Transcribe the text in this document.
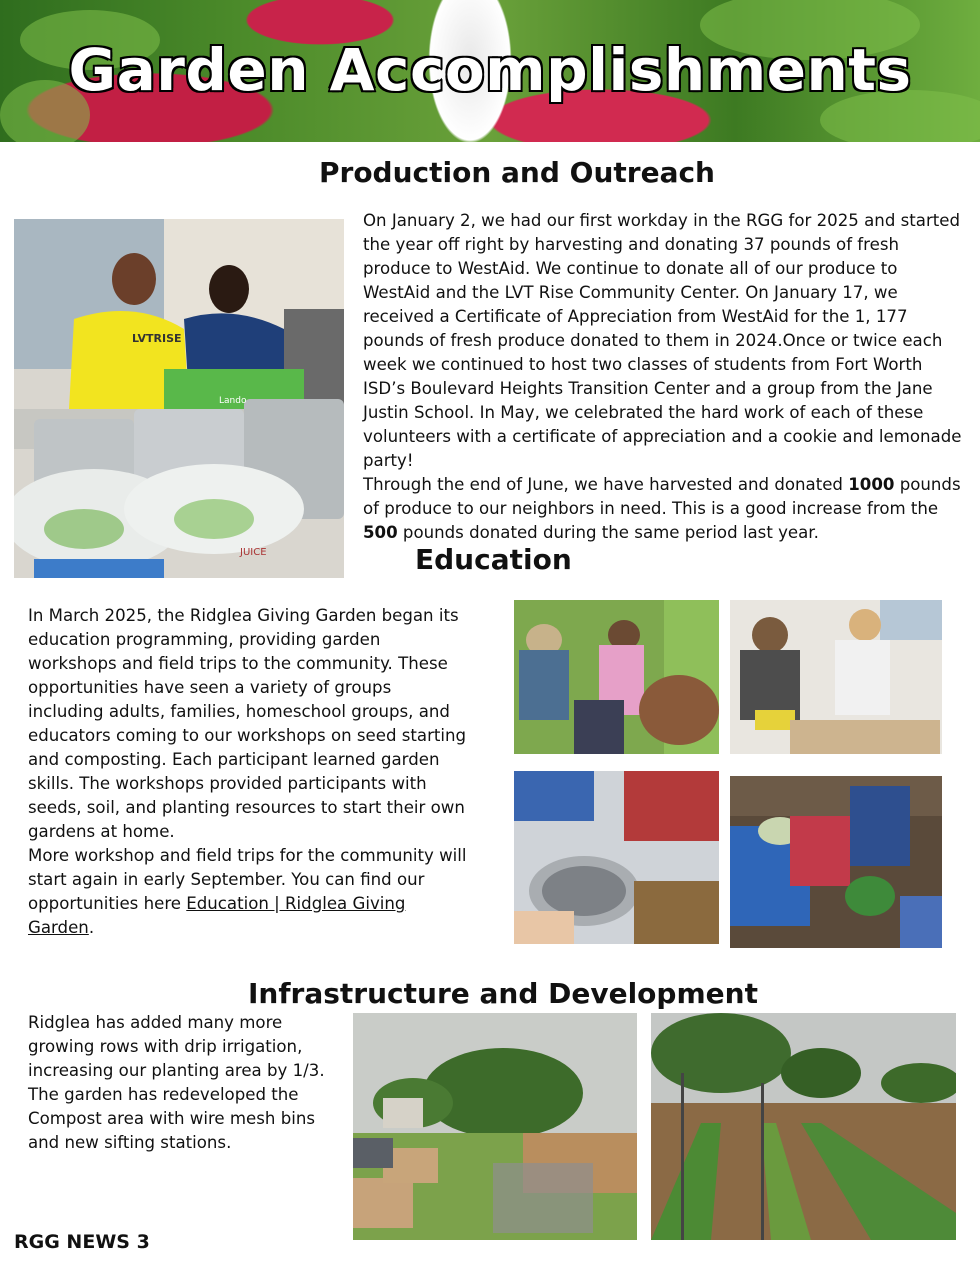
Garden Accomplishments
Production and Outreach
LVTRISE
Lando
JUICE

On January 2, we had our first workday in the RGG for 2025 and started the year off right by harvesting and donating 37 pounds of fresh produce to WestAid. We continue to donate all of our produce to WestAid and the LVT Rise Community Center. On January 17, we received a Certificate of Appreciation from WestAid for the 1, 177 pounds of fresh produce donated to them in 2024.Once or twice each week we continued to host two classes of students from Fort Worth ISD’s Boulevard Heights Transition Center and a group from the Jane Justin School. In May, we celebrated the hard work of each of these volunteers with a certificate of appreciation and a cookie and lemonade party!

Through the end of June, we have harvested and donated 1000 pounds of produce to our neighbors in need. This is a good increase from the 500 pounds donated during the same period last year.

Education

In March 2025, the Ridglea Giving Garden began its education programming, providing garden workshops and field trips to the community. These opportunities have seen a variety of groups including adults, families, homeschool groups, and educators coming to our workshops on seed starting and composting. Each participant learned garden skills. The workshops provided participants with seeds, soil, and planting resources to start their own gardens at home.

More workshop and field trips for the community will start again in early September. You can find our opportunities here Education | Ridglea Giving Garden.

Infrastructure and Development

Ridglea has added many more growing rows with drip irrigation, increasing our planting area by 1/3. The garden has redeveloped the Compost area with wire mesh bins and new sifting stations.

RGG NEWS 3
